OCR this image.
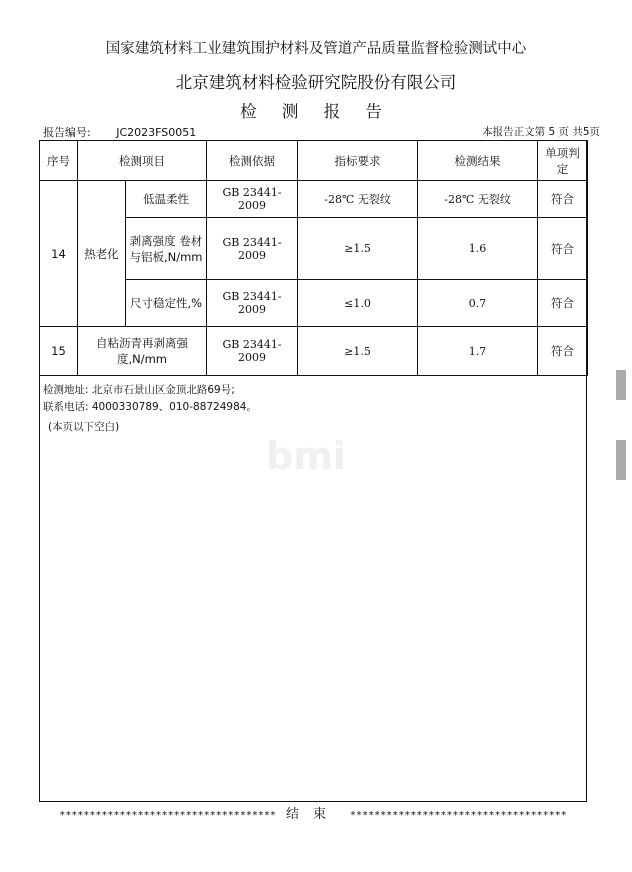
国家建筑材料工业建筑围护材料及管道产品质量监督检验测试中心
北京建筑材料检验研究院股份有限公司
检 测 报 告
报告编号: JC2023FS0051	本报告正文第 5 页 共5页
序号	检测项目		检测依据	指标要求	检测结果	单项判定
14	热老化	低温柔性	GB 23441-2009	-28℃ 无裂纹	-28℃ 无裂纹	符合
		剥离强度 卷材与铝板,N/mm	GB 23441-2009	≥1.5	1.6	符合
		尺寸稳定性,%	GB 23441-2009	≤1.0	0.7	符合
15	自粘沥青再剥离强度,N/mm		GB 23441-2009	≥1.5	1.7	符合
检测地址: 北京市石景山区金顶北路69号;
联系电话: 4000330789、010-88724984。
(本页以下空白)
bmi
************************************ 结束 ************************************
